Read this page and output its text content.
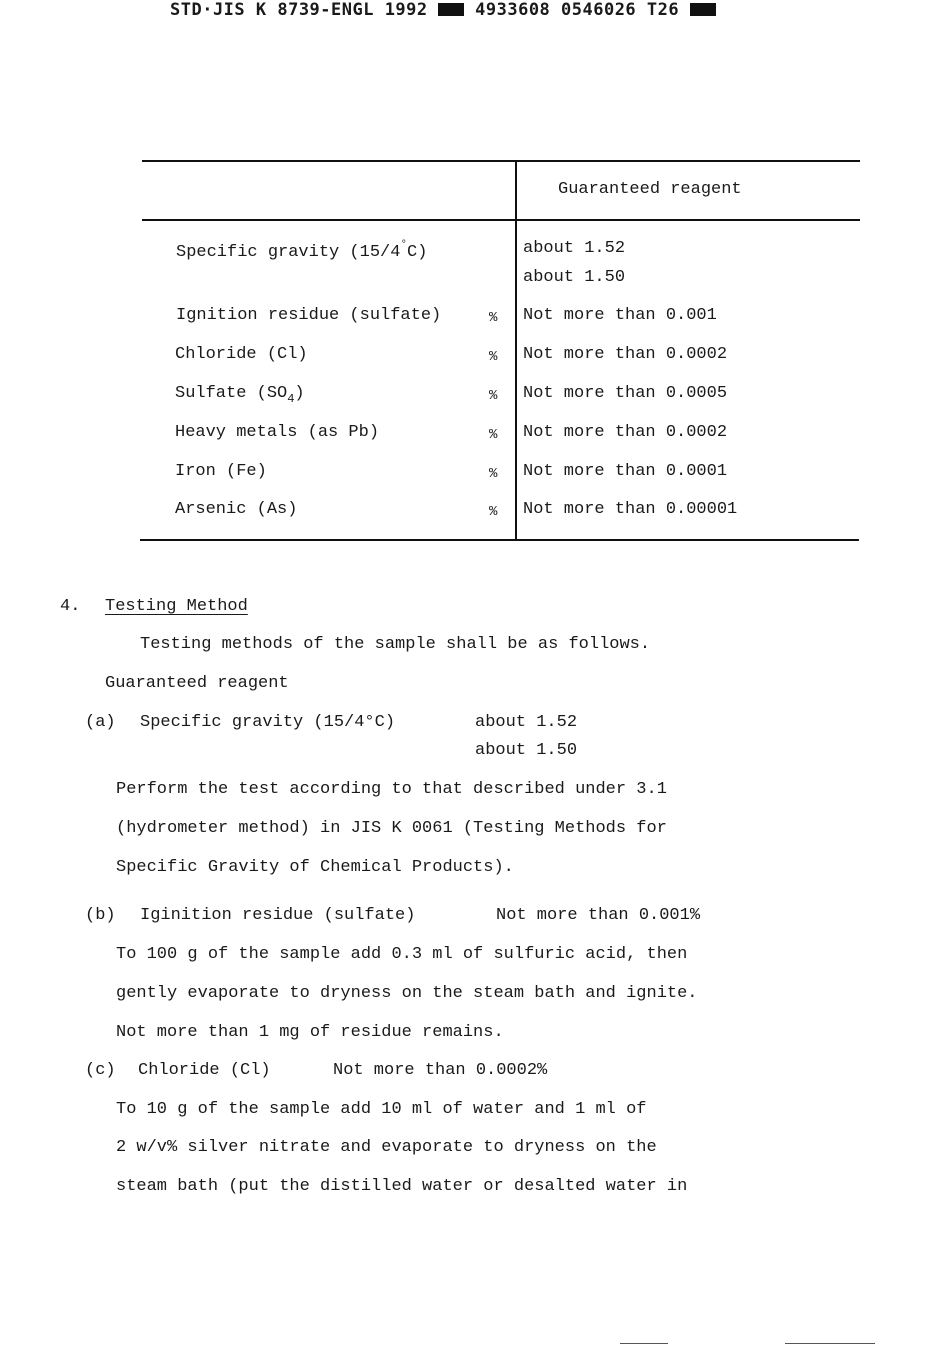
STD·JIS K 8739-ENGL 1992	4933608 0546026 T26
Guaranteed reagent
Specific gravity (15/4°C)	about 1.52
about 1.50
Ignition residue (sulfate)	% Not more than 0.001
Chloride (Cl)	% Not more than 0.0002
Sulfate $(SO_4)$	% Not more than 0.0005
Heavy metals (as Pb)	% Not more than 0.0002
Iron (Fe)	% Not more than 0.0001
Arsenic (As)	% Not more than 0.00001
4. Testing Method
Testing methods of the sample shall be as follows.
Guaranteed reagent
(a) Specific gravity (15/4°C)	about 1.52
about 1.50
Perform the test according to that described under 3.1
(hydrometer method) in JIS K 0061 (Testing Methods for
Specific Gravity of Chemical Products).
(b) Iginition residue (sulfate)	Not more than 0.001%
To 100 g of the sample add 0.3 ml of sulfuric acid, then
gently evaporate to dryness on the steam bath and ignite.
Not more than 1 mg of residue remains.
(c) Chloride (Cl)	Not more than 0.0002%
To 10 g of the sample add 10 ml of water and 1 ml of
2 w/v% silver nitrate and evaporate to dryness on the
steam bath (put the distilled water or desalted water in
